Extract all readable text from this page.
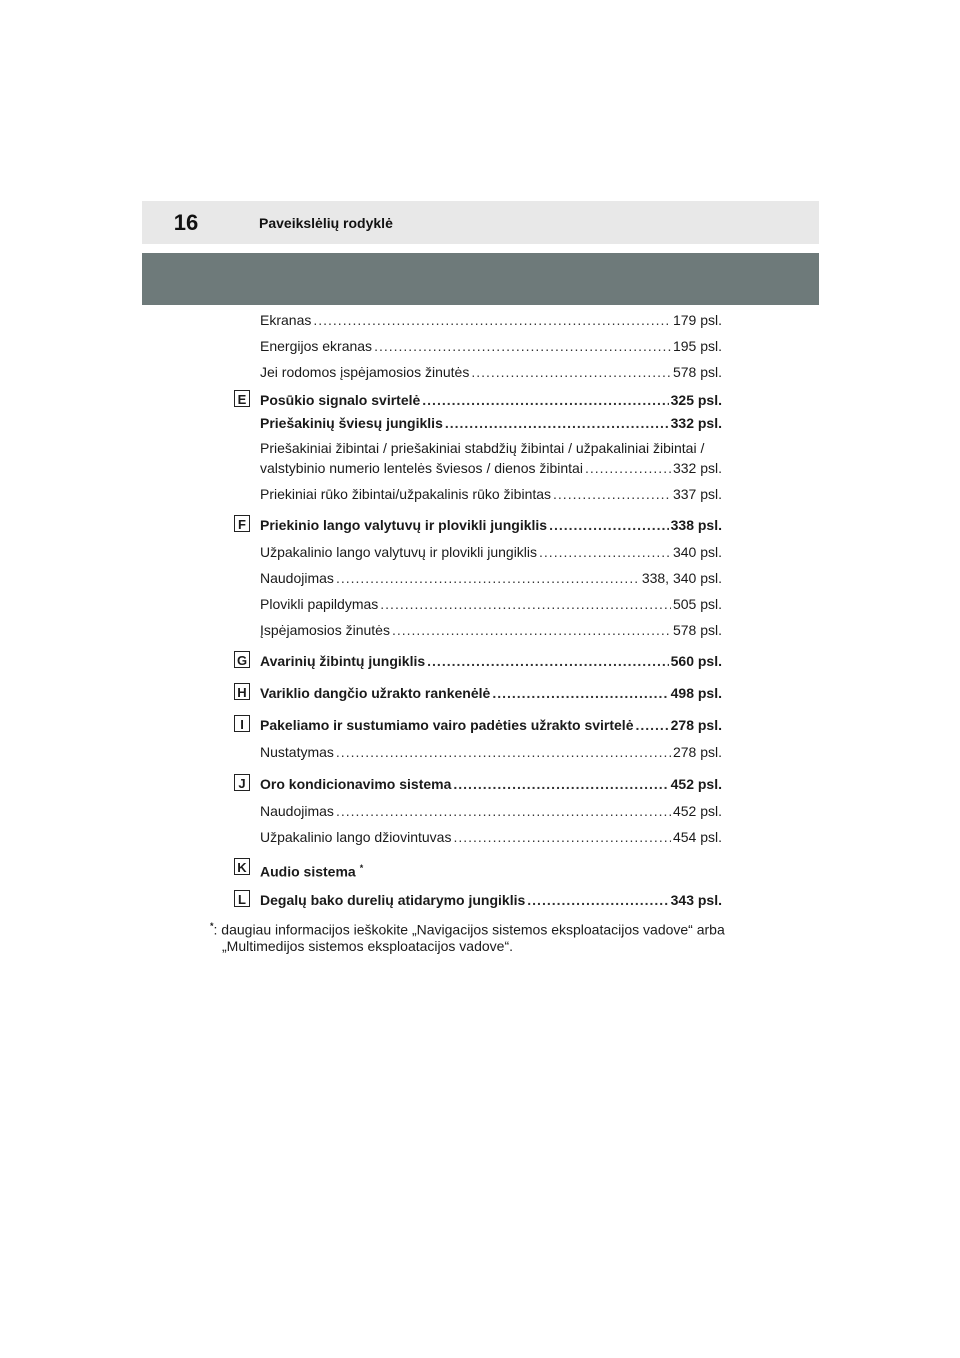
16	Paveikslėlių rodyklė
Ekranas .....	179 psl.
Energijos ekranas .....	195 psl.
Jei rodomos įspėjamosios žinutės .....	578 psl.
E Posūkio signalo svirtelė .....	325 psl.
Priešakinių šviesų jungiklis .....	332 psl.
Priešakiniai žibintai / priešakiniai stabdžių žibintai / užpakaliniai žibintai /
valstybinio numerio lentelės šviesos / dienos žibintai .....	332 psl.
Priekiniai rūko žibintai/užpakalinis rūko žibintas .....	337 psl.
F Priekinio lango valytuvų ir plovikli jungiklis .....	338 psl.
Užpakalinio lango valytuvų ir plovikli jungiklis .....	340 psl.
Naudojimas .....	338, 340 psl.
Plovikli papildymas .....	505 psl.
Įspėjamosios žinutės .....	578 psl.
G Avarinių žibintų jungiklis .....	560 psl.
H Variklio dangčio užrakto rankenėlė .....	498 psl.
I	Pakeliamo ir sustumiamo vairo padėties užrakto svirtelė .....	278 psl.
Nustatymas .....	278 psl.
J	Oro kondicionavimo sistema .....	452 psl.
Naudojimas .....	452 psl.
Užpakalinio lango džiovintuvas .....	454 psl.
K Audio sistema *
L Degalų bako durelių atidarymo jungiklis .....	343 psl.
*: daugiau informacijos ieškokite „Navigacijos sistemos eksploatacijos vadove“ arba
„Multimedijos sistemos eksploatacijos vadove“.
